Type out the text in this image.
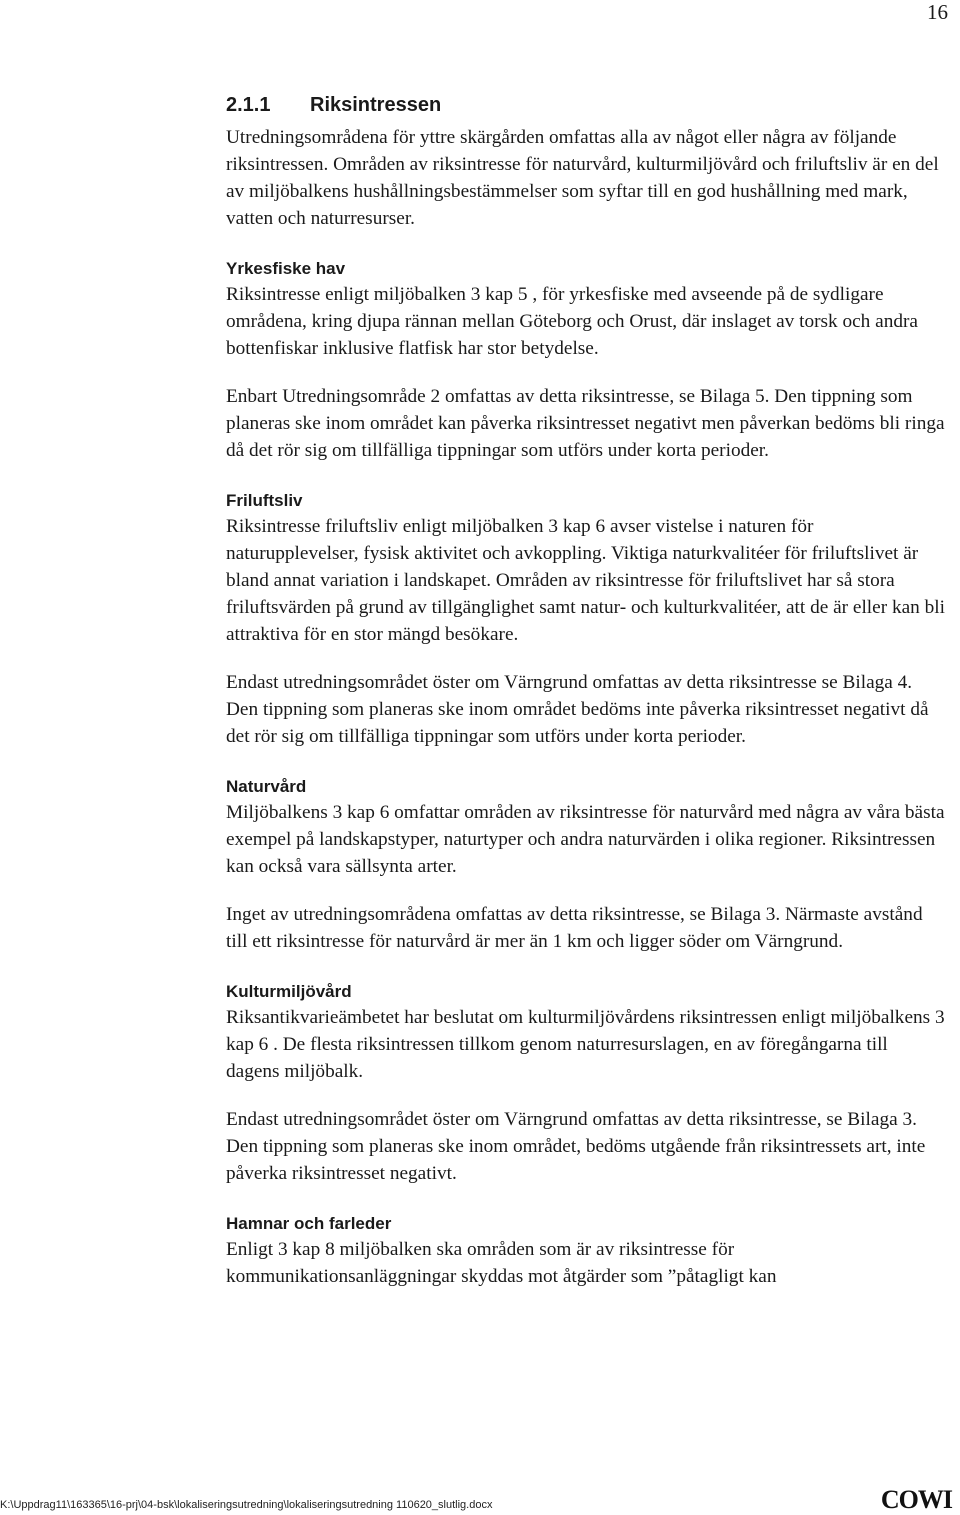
16
2.1.1 Riksintressen

Utredningsområdena för yttre skärgården omfattas alla av något eller några av följande riksintressen. Områden av riksintresse för naturvård, kulturmiljövård och friluftsliv är en del av miljöbalkens hushållningsbestämmelser som syftar till en god hushållning med mark, vatten och naturresurser.

Yrkesfiske hav

Riksintresse enligt miljöbalken 3 kap 5 , för yrkesfiske med avseende på de sydligare områdena, kring djupa rännan mellan Göteborg och Orust, där inslaget av torsk och andra bottenfiskar inklusive flatfisk har stor betydelse.

Enbart Utredningsområde 2 omfattas av detta riksintresse, se Bilaga 5. Den tippning som planeras ske inom området kan påverka riksintresset negativt men påverkan bedöms bli ringa då det rör sig om tillfälliga tippningar som utförs under korta perioder.

Friluftsliv

Riksintresse friluftsliv enligt miljöbalken 3 kap 6 avser vistelse i naturen för naturupplevelser, fysisk aktivitet och avkoppling. Viktiga naturkvalitéer för friluftslivet är bland annat variation i landskapet. Områden av riksintresse för friluftslivet har så stora friluftsvärden på grund av tillgänglighet samt natur- och kulturkvalitéer, att de är eller kan bli attraktiva för en stor mängd besökare.

Endast utredningsområdet öster om Värngrund omfattas av detta riksintresse se Bilaga 4. Den tippning som planeras ske inom området bedöms inte påverka riksintresset negativt då det rör sig om tillfälliga tippningar som utförs under korta perioder.

Naturvård

Miljöbalkens 3 kap 6 omfattar områden av riksintresse för naturvård med några av våra bästa exempel på landskapstyper, naturtyper och andra naturvärden i olika regioner. Riksintressen kan också vara sällsynta arter.

Inget av utredningsområdena omfattas av detta riksintresse, se Bilaga 3. Närmaste avstånd till ett riksintresse för naturvård är mer än 1 km och ligger söder om Värngrund.

Kulturmiljövård

Riksantikvarieämbetet har beslutat om kulturmiljövårdens riksintressen enligt miljöbalkens 3 kap 6 . De flesta riksintressen tillkom genom naturresurslagen, en av föregångarna till dagens miljöbalk.

Endast utredningsområdet öster om Värngrund omfattas av detta riksintresse, se Bilaga 3. Den tippning som planeras ske inom området, bedöms utgående från riksintressets art, inte påverka riksintresset negativt.

Hamnar och farleder

Enligt 3 kap 8 miljöbalken ska områden som är av riksintresse för kommunikationsanläggningar skyddas mot åtgärder som ”påtagligt kan

K:\Uppdrag11\163365\16-prj\04-bsk\lokaliseringsutredning\lokaliseringsutredning 110620_slutlig.docx	COWI
